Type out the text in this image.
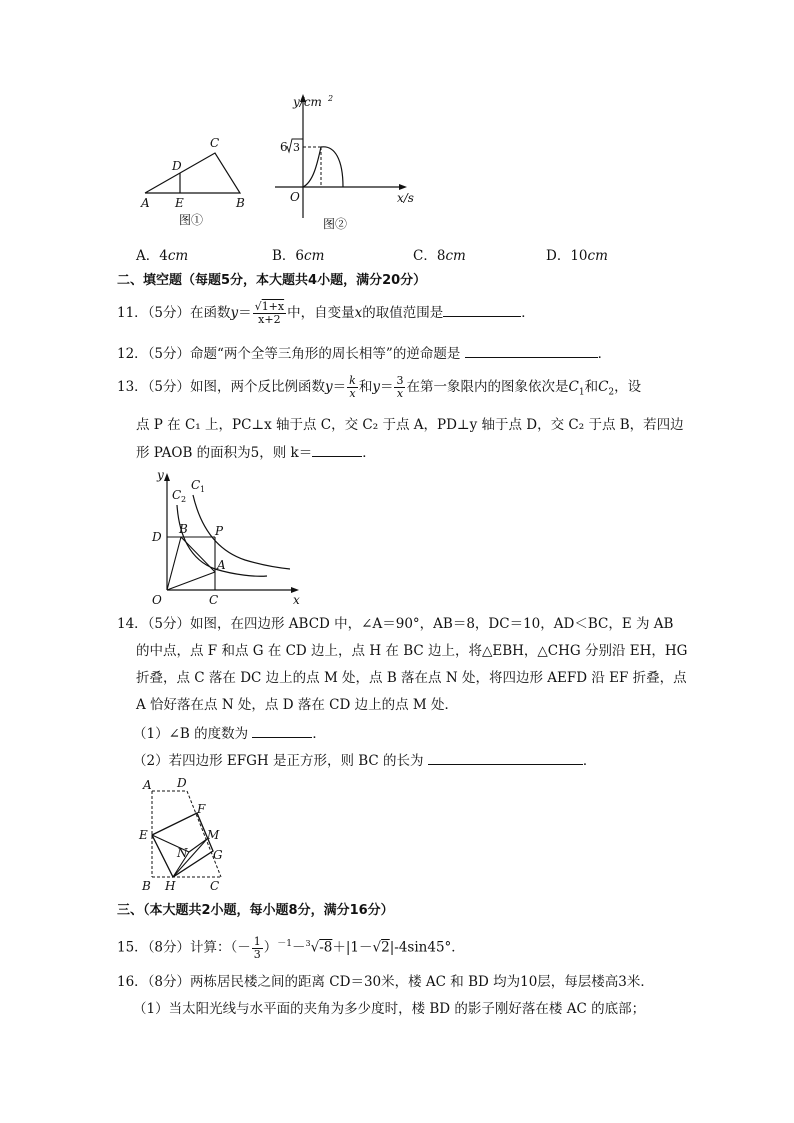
A E	B
C
D
图①
y/cm 2
x/s
O
6 3
图②
A．4cm	B．6cm	C．8cm	D．10cm
二、填空题（每题5分，本大题共4小题，满分20分）
11．（5分）在函数$y= \frac{√1+x}{x+2}$ 中，自变量x的取值范围是	．
12．（5分）命题“两个全等三角形的周长相等”的逆命题是	．
13．（5分）如图，两个反比例函数$y= \frac{k}{x}$ 和$y= \frac{3}{x}$ 在第一象限内的图象依次是$C_1$和$C_2$，设
点 P 在 C₁ 上，PC⊥x 轴于点 C，交 C₂ 于点 A，PD⊥y 轴于点 D，交 C₂ 于点 B，若四边
形 PAOB 的面积为5，则 k＝	．
y
x
O	C
D
B P
A
C 1
C 2
14．（5分）如图，在四边形 ABCD 中，∠A＝90°，AB＝8，DC＝10，AD＜BC，E 为 AB
的中点，点 F 和点 G 在 CD 边上，点 H 在 BC 边上，将△EBH，△CHG 分别沿 EH，HG
折叠，点 C 落在 DC 边上的点 M 处，点 B 落在点 N 处，将四边形 AEFD 沿 EF 折叠，点
A 恰好落在点 N 处，点 D 落在 CD 边上的点 M 处．
（1）∠B 的度数为	．
（2）若四边形 EFGH 是正方形，则 BC 的长为	．
A D
F
E	M
N G
B H	C
三、（本大题共2小题，每小题8分，满分16分）
15．（8分）计算：（－ $\frac{1}{3} )^{-1}-^3√-8+|1-√2|-4\sin 45^\circ$．
16．（8分）两栋居民楼之间的距离 CD＝30米，楼 AC 和 BD 均为10层，每层楼高3米．
（1）当太阳光线与水平面的夹角为多少度时，楼 BD 的影子刚好落在楼 AC 的底部；
